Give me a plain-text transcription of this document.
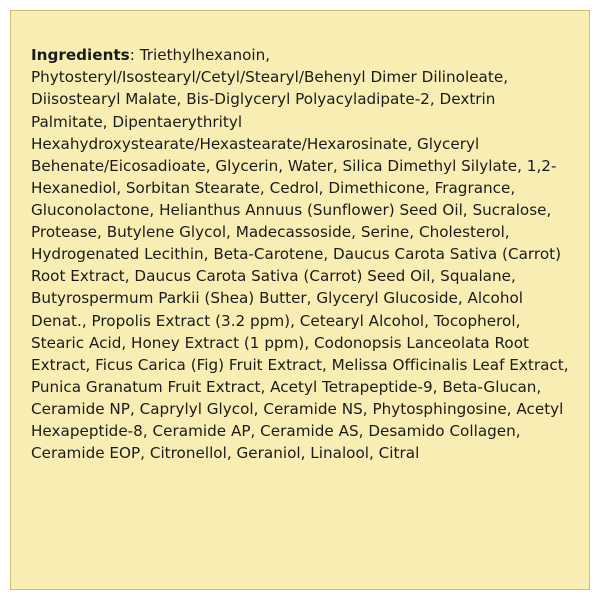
Ingredients: Triethylhexanoin, Phytosteryl/Isostearyl/Cetyl/Stearyl/Behenyl Dimer Dilinoleate, Diisostearyl Malate, Bis-Diglyceryl Polyacyladipate-2, Dextrin Palmitate, Dipentaerythrityl Hexahydroxystearate/Hexastearate/Hexarosinate, Glyceryl Behenate/Eicosadioate, Glycerin, Water, Silica Dimethyl Silylate, 1,2-Hexanediol, Sorbitan Stearate, Cedrol, Dimethicone, Fragrance, Gluconolactone, Helianthus Annuus (Sunflower) Seed Oil, Sucralose, Protease, Butylene Glycol, Madecassoside, Serine, Cholesterol, Hydrogenated Lecithin, Beta-Carotene, Daucus Carota Sativa (Carrot) Root Extract, Daucus Carota Sativa (Carrot) Seed Oil, Squalane, Butyrospermum Parkii (Shea) Butter, Glyceryl Glucoside, Alcohol Denat., Propolis Extract (3.2 ppm), Cetearyl Alcohol, Tocopherol, Stearic Acid, Honey Extract (1 ppm), Codonopsis Lanceolata Root Extract, Ficus Carica (Fig) Fruit Extract, Melissa Officinalis Leaf Extract, Punica Granatum Fruit Extract, Acetyl Tetrapeptide-9, Beta-Glucan, Ceramide NP, Caprylyl Glycol, Ceramide NS, Phytosphingosine, Acetyl Hexapeptide-8, Ceramide AP, Ceramide AS, Desamido Collagen, Ceramide EOP, Citronellol, Geraniol, Linalool, Citral
